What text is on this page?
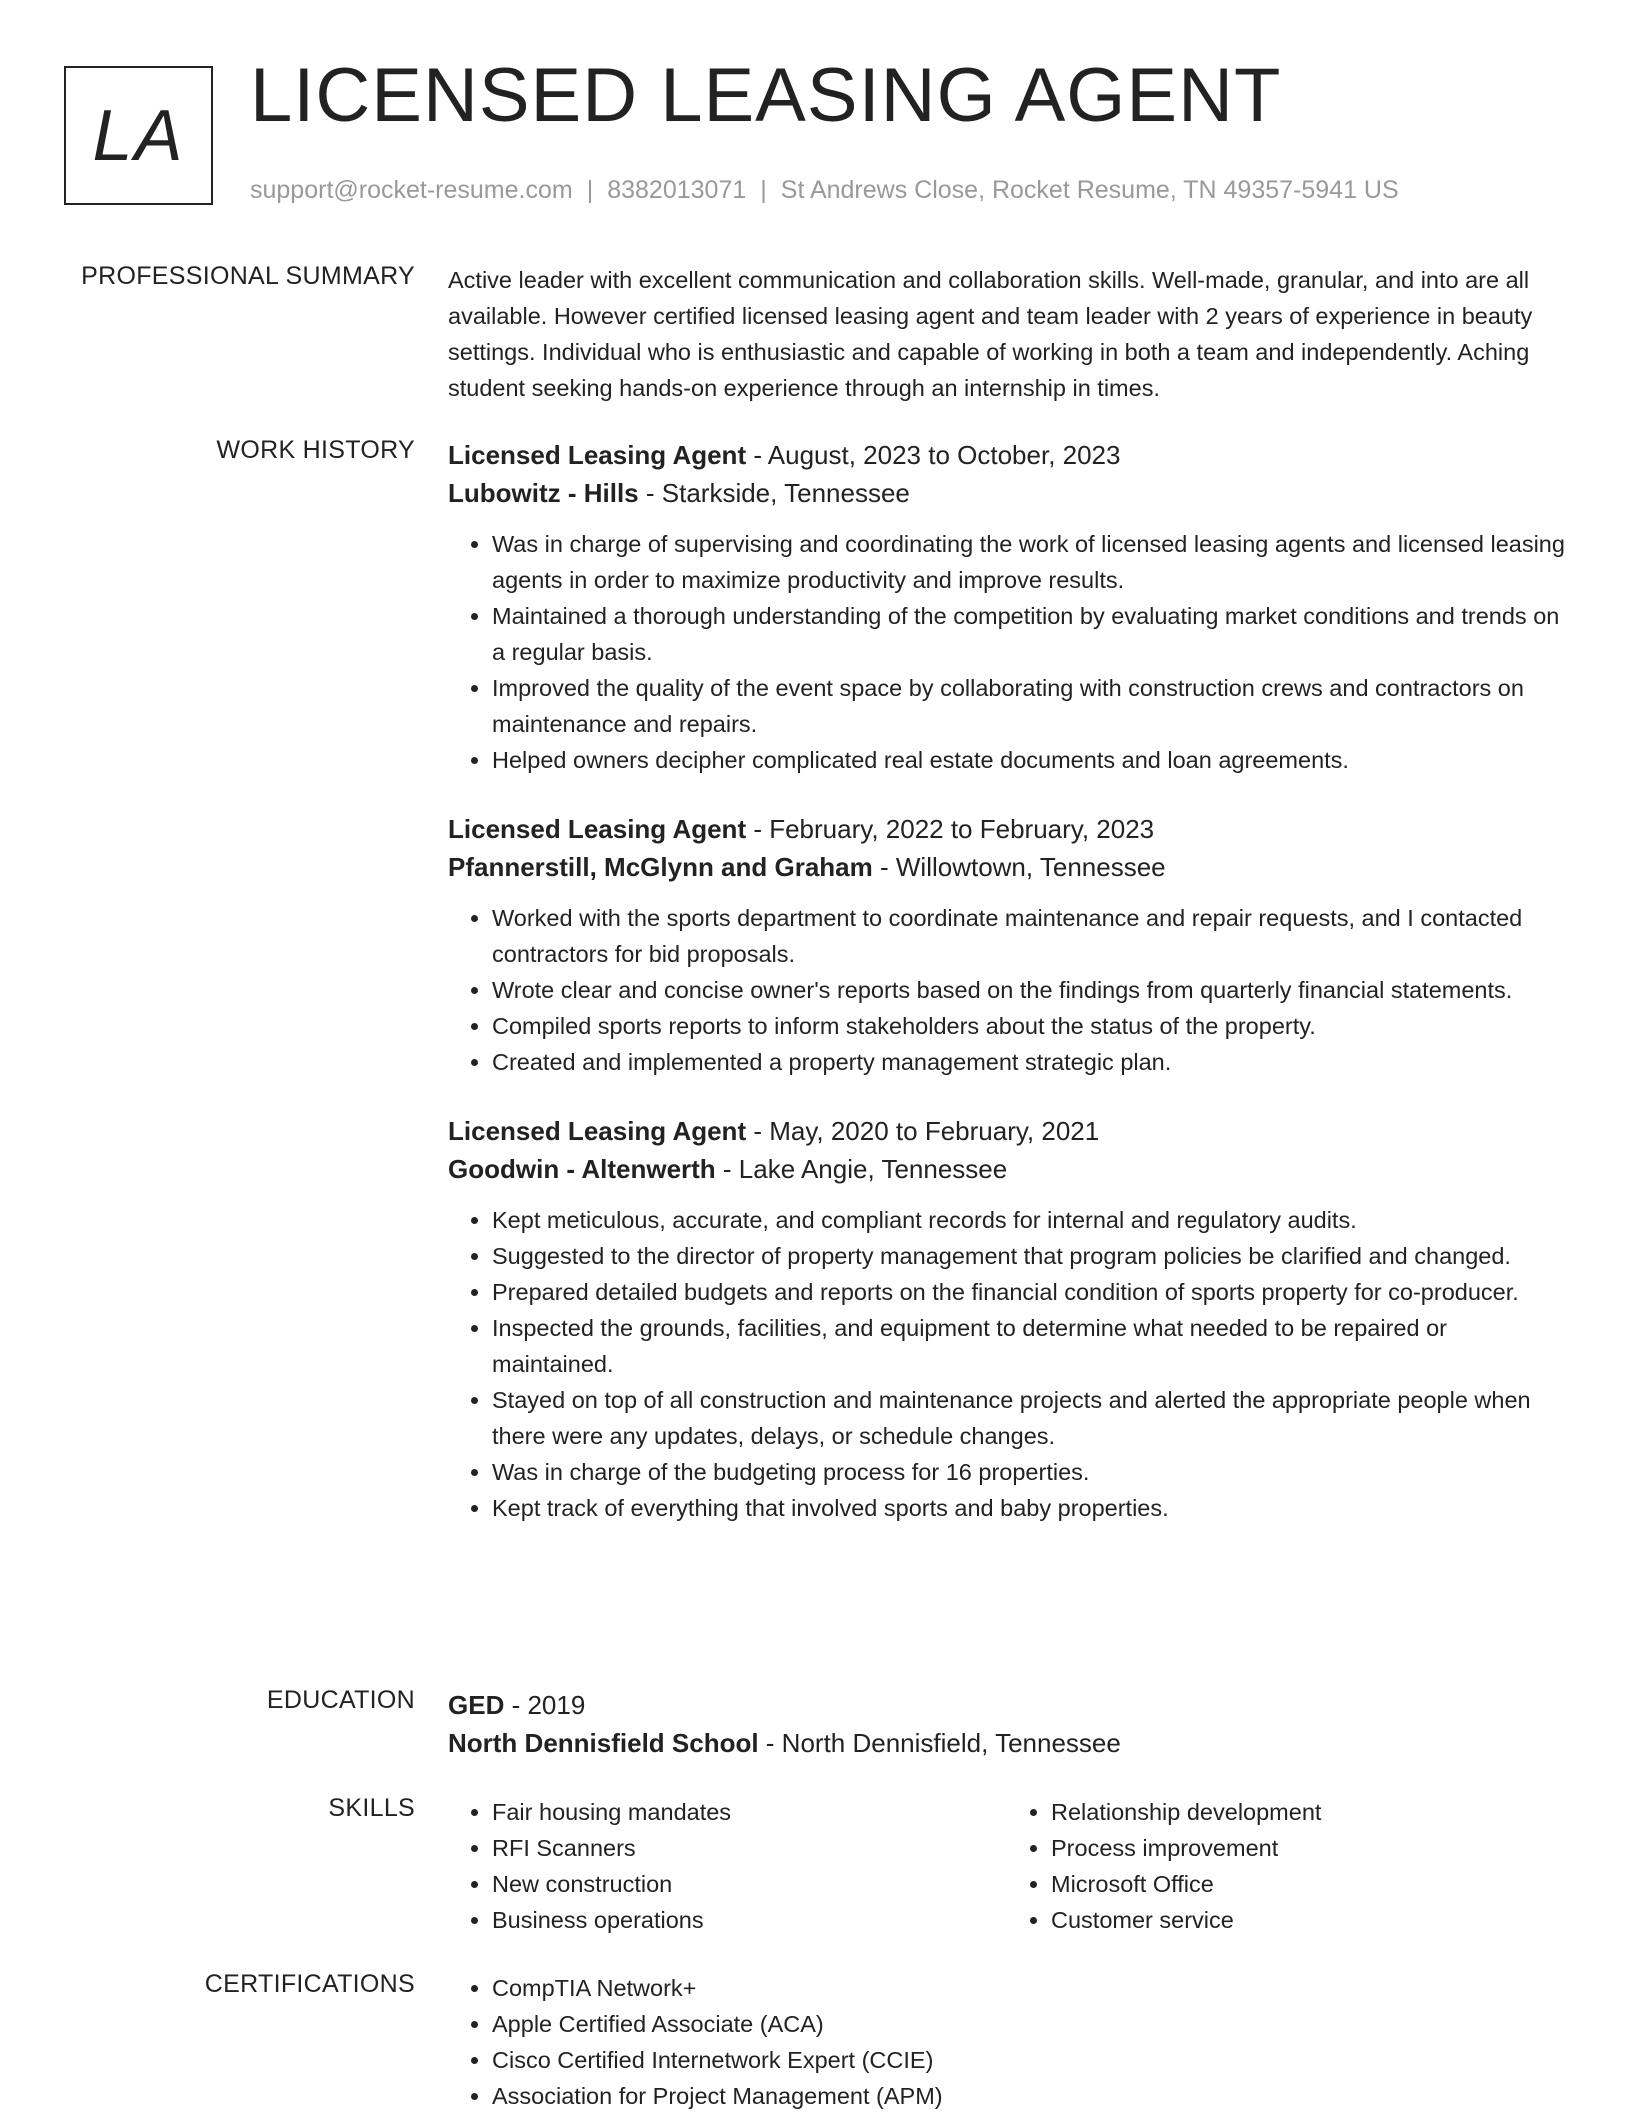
LA LICENSED LEASING AGENT
support@rocket-resume.com | 8382013071 | St Andrews Close, Rocket Resume, TN 49357-5941 US
PROFESSIONAL SUMMARY Active leader with excellent communication and collaboration skills. Well-made, granular, and into are all available. However certified licensed leasing agent and team leader with 2 years of experience in beauty settings. Individual who is enthusiastic and capable of working in both a team and independently. Aching student seeking hands-on experience through an internship in times.
WORK HISTORY Licensed Leasing Agent - August, 2023 to October, 2023
Lubowitz - Hills - Starkside, Tennessee
• Was in charge of supervising and coordinating the work of licensed leasing agents and licensed leasing agents in order to maximize productivity and improve results.
• Maintained a thorough understanding of the competition by evaluating market conditions and trends on a regular basis.
• Improved the quality of the event space by collaborating with construction crews and contractors on maintenance and repairs.
• Helped owners decipher complicated real estate documents and loan agreements.
Licensed Leasing Agent - February, 2022 to February, 2023
Pfannerstill, McGlynn and Graham - Willowtown, Tennessee
• Worked with the sports department to coordinate maintenance and repair requests, and I contacted contractors for bid proposals.
• Wrote clear and concise owner's reports based on the findings from quarterly financial statements.
• Compiled sports reports to inform stakeholders about the status of the property.
• Created and implemented a property management strategic plan.
Licensed Leasing Agent - May, 2020 to February, 2021
Goodwin - Altenwerth - Lake Angie, Tennessee
• Kept meticulous, accurate, and compliant records for internal and regulatory audits.
• Suggested to the director of property management that program policies be clarified and changed.
• Prepared detailed budgets and reports on the financial condition of sports property for co-producer.
• Inspected the grounds, facilities, and equipment to determine what needed to be repaired or maintained.
• Stayed on top of all construction and maintenance projects and alerted the appropriate people when there were any updates, delays, or schedule changes.
• Was in charge of the budgeting process for 16 properties.
• Kept track of everything that involved sports and baby properties.
EDUCATION GED - 2019
North Dennisfield School - North Dennisfield, Tennessee
SKILLS	• Fair housing mandates
• RFI Scanners
• New construction
• Business operations
• Relationship development
• Process improvement
• Microsoft Office
• Customer service
CERTIFICATIONS	• CompTIA Network+
• Apple Certified Associate (ACA)
• Cisco Certified Internetwork Expert (CCIE)
• Association for Project Management (APM)
